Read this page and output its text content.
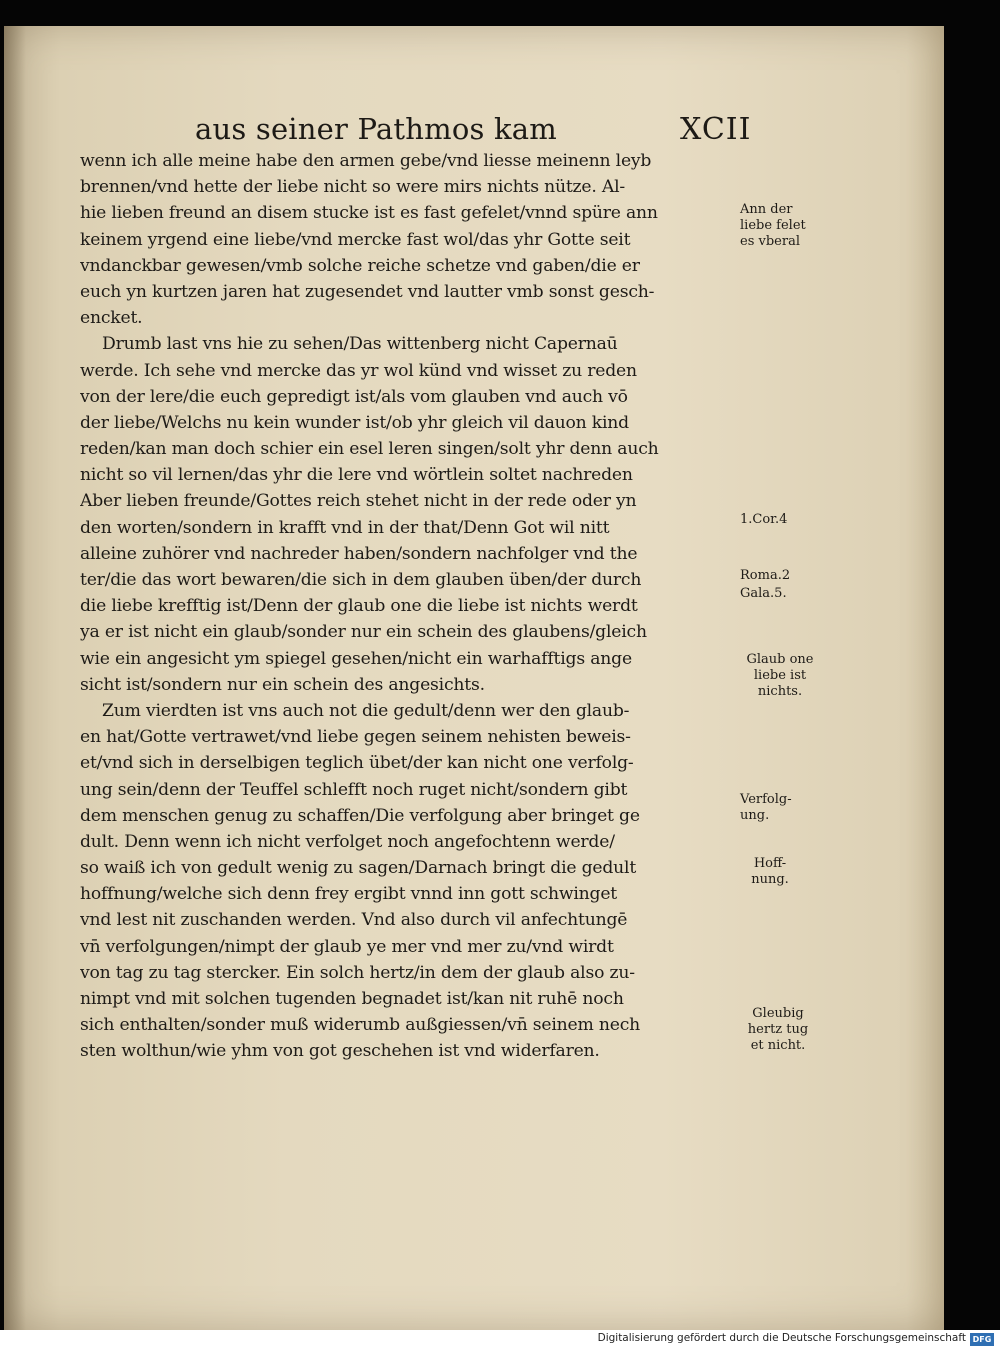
aus seiner Pathmos kam	XCII
wenn ich alle meine habe den armen gebe/vnd liesse meinenn leyb
brennen/vnd hette der liebe nicht so were mirs nichts nütze. Al-
hie lieben freund an disem stucke ist es fast gefelet/vnnd spüre ann
keinem yrgend eine liebe/vnd mercke fast wol/das yhr Gotte seit
vndanckbar gewesen/vmb solche reiche schetze vnd gaben/die er
euch yn kurtzen jaren hat zugesendet vnd lautter vmb sonst gesch-
encket.
Drumb last vns hie zu sehen/Das wittenberg nicht Capernaū
werde. Ich sehe vnd mercke das yr wol künd vnd wisset zu reden
von der lere/die euch gepredigt ist/als vom glauben vnd auch vō
der liebe/Welchs nu kein wunder ist/ob yhr gleich vil dauon kind
reden/kan man doch schier ein esel leren singen/solt yhr denn auch
nicht so vil lernen/das yhr die lere vnd wörtlein soltet nachreden
Aber lieben freunde/Gottes reich stehet nicht in der rede oder yn
den worten/sondern in krafft vnd in der that/Denn Got wil nitt
alleine zuhörer vnd nachreder haben/sondern nachfolger vnd the
ter/die das wort bewaren/die sich in dem glauben üben/der durch
die liebe krefftig ist/Denn der glaub one die liebe ist nichts werdt
ya er ist nicht ein glaub/sonder nur ein schein des glaubens/gleich
wie ein angesicht ym spiegel gesehen/nicht ein warhafftigs ange
sicht ist/sondern nur ein schein des angesichts.
Zum vierdten ist vns auch not die gedult/denn wer den glaub-
en hat/Gotte vertrawet/vnd liebe gegen seinem nehisten beweis-
et/vnd sich in derselbigen teglich übet/der kan nicht one verfolg-
ung sein/denn der Teuffel schlefft noch ruget nicht/sondern gibt
dem menschen genug zu schaffen/Die verfolgung aber bringet ge
dult. Denn wenn ich nicht verfolget noch angefochtenn werde/
so waiß ich von gedult wenig zu sagen/Darnach bringt die gedult
hoffnung/welche sich denn frey ergibt vnnd inn gott schwinget
vnd lest nit zuschanden werden. Vnd also durch vil anfechtungē
vn̄ verfolgungen/nimpt der glaub ye mer vnd mer zu/vnd wirdt
von tag zu tag stercker. Ein solch hertz/in dem der glaub also zu-
nimpt vnd mit solchen tugenden begnadet ist/kan nit ruhē noch
sich enthalten/sonder muß widerumb außgiessen/vn̄ seinem nech
sten wolthun/wie yhm von got geschehen ist vnd widerfaren.
Ann der liebe felet es vberal
1.Cor.4
Roma.2
Gala.5.
Glaub one liebe ist nichts.
Verfolg-ung.
Hoff-nung.
Gleubig hertz tug et nicht.
Digitalisierung gefördert durch die Deutsche Forschungsgemeinschaft DFG
